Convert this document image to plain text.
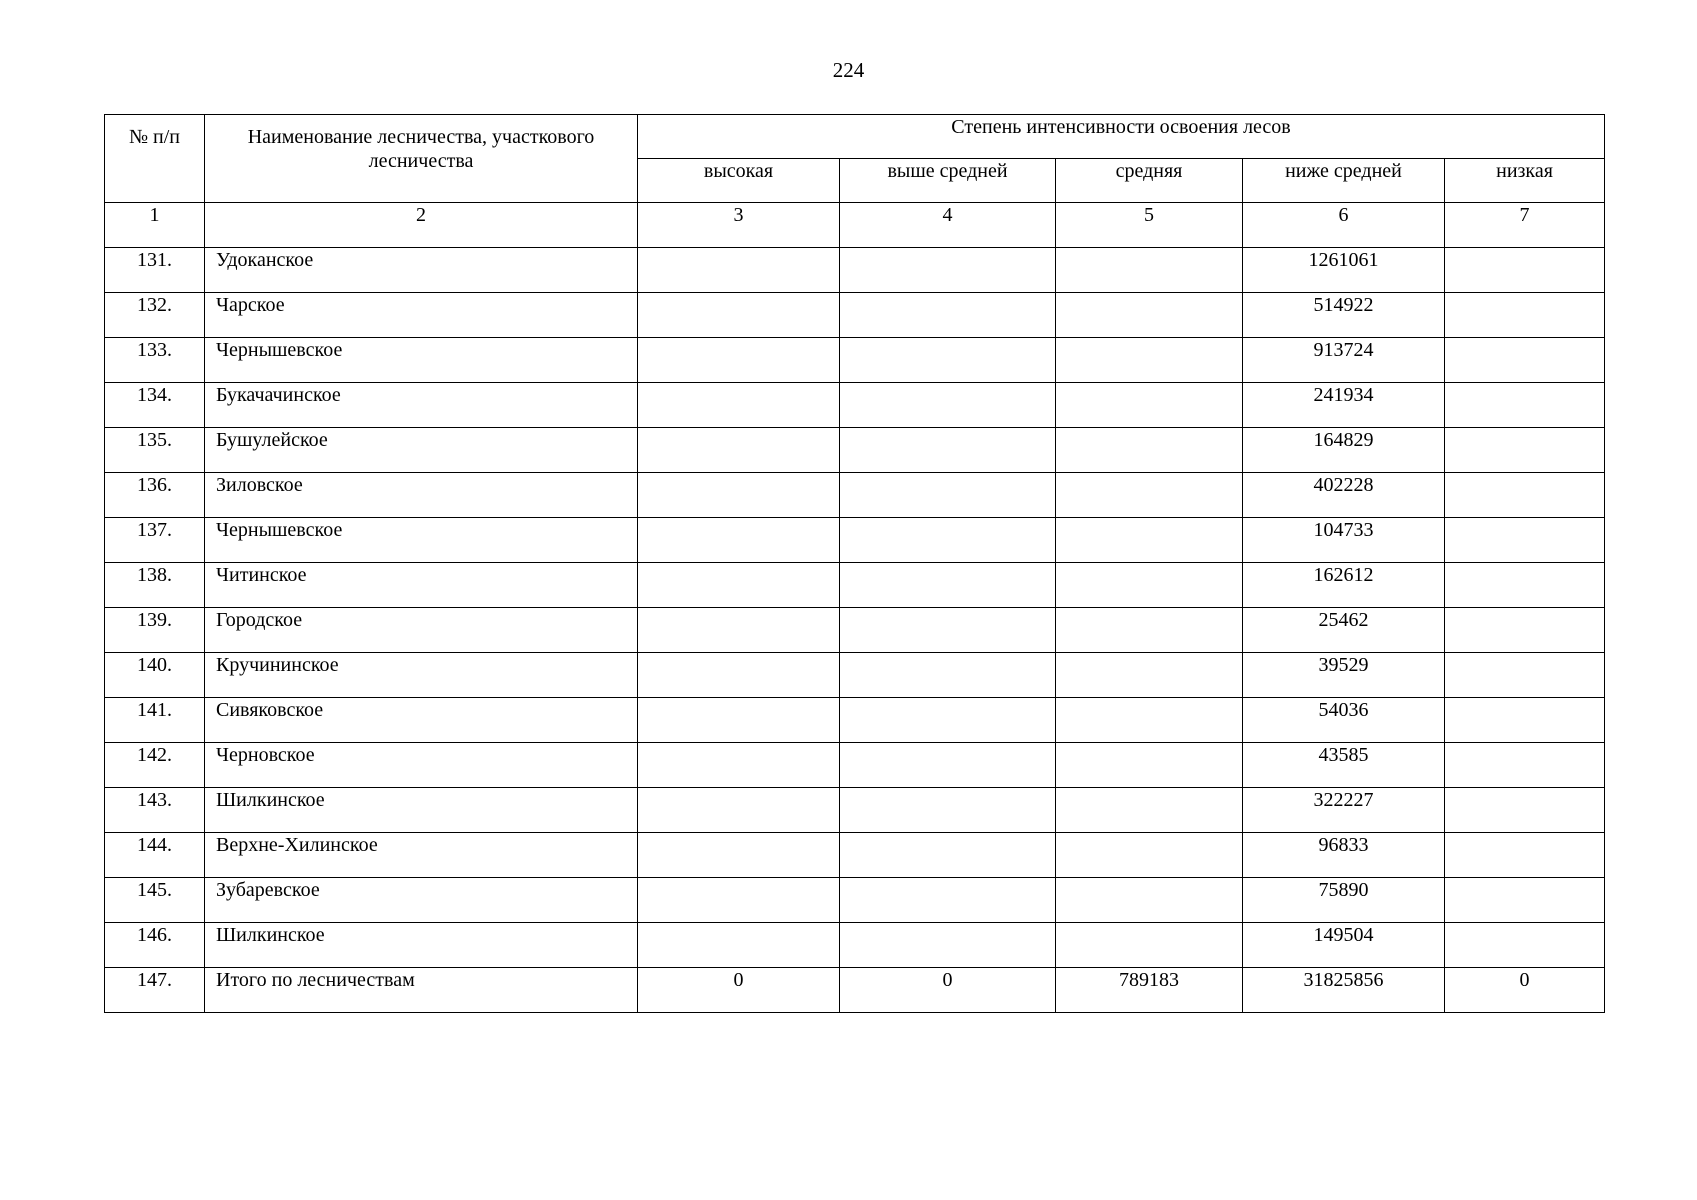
224
№ п/п	Наименование лесничества, участкового лесничества	Степень интенсивности освоения лесов				
		высокая	выше средней	средняя	ниже средней	низкая
1	2	3	4	5	6	7
131.	Удоканское				1261061	
132.	Чарское				514922	
133.	Чернышевское				913724	
134.	Букачачинское				241934	
135.	Бушулейское				164829	
136.	Зиловское				402228	
137.	Чернышевское				104733	
138.	Читинское				162612	
139.	Городское				25462	
140.	Кручининское				39529	
141.	Сивяковское				54036	
142.	Черновское				43585	
143.	Шилкинское				322227	
144.	Верхне-Хилинское				96833	
145.	Зубаревское				75890	
146.	Шилкинское				149504	
147.	Итого по лесничествам	0	0	789183	31825856	0
